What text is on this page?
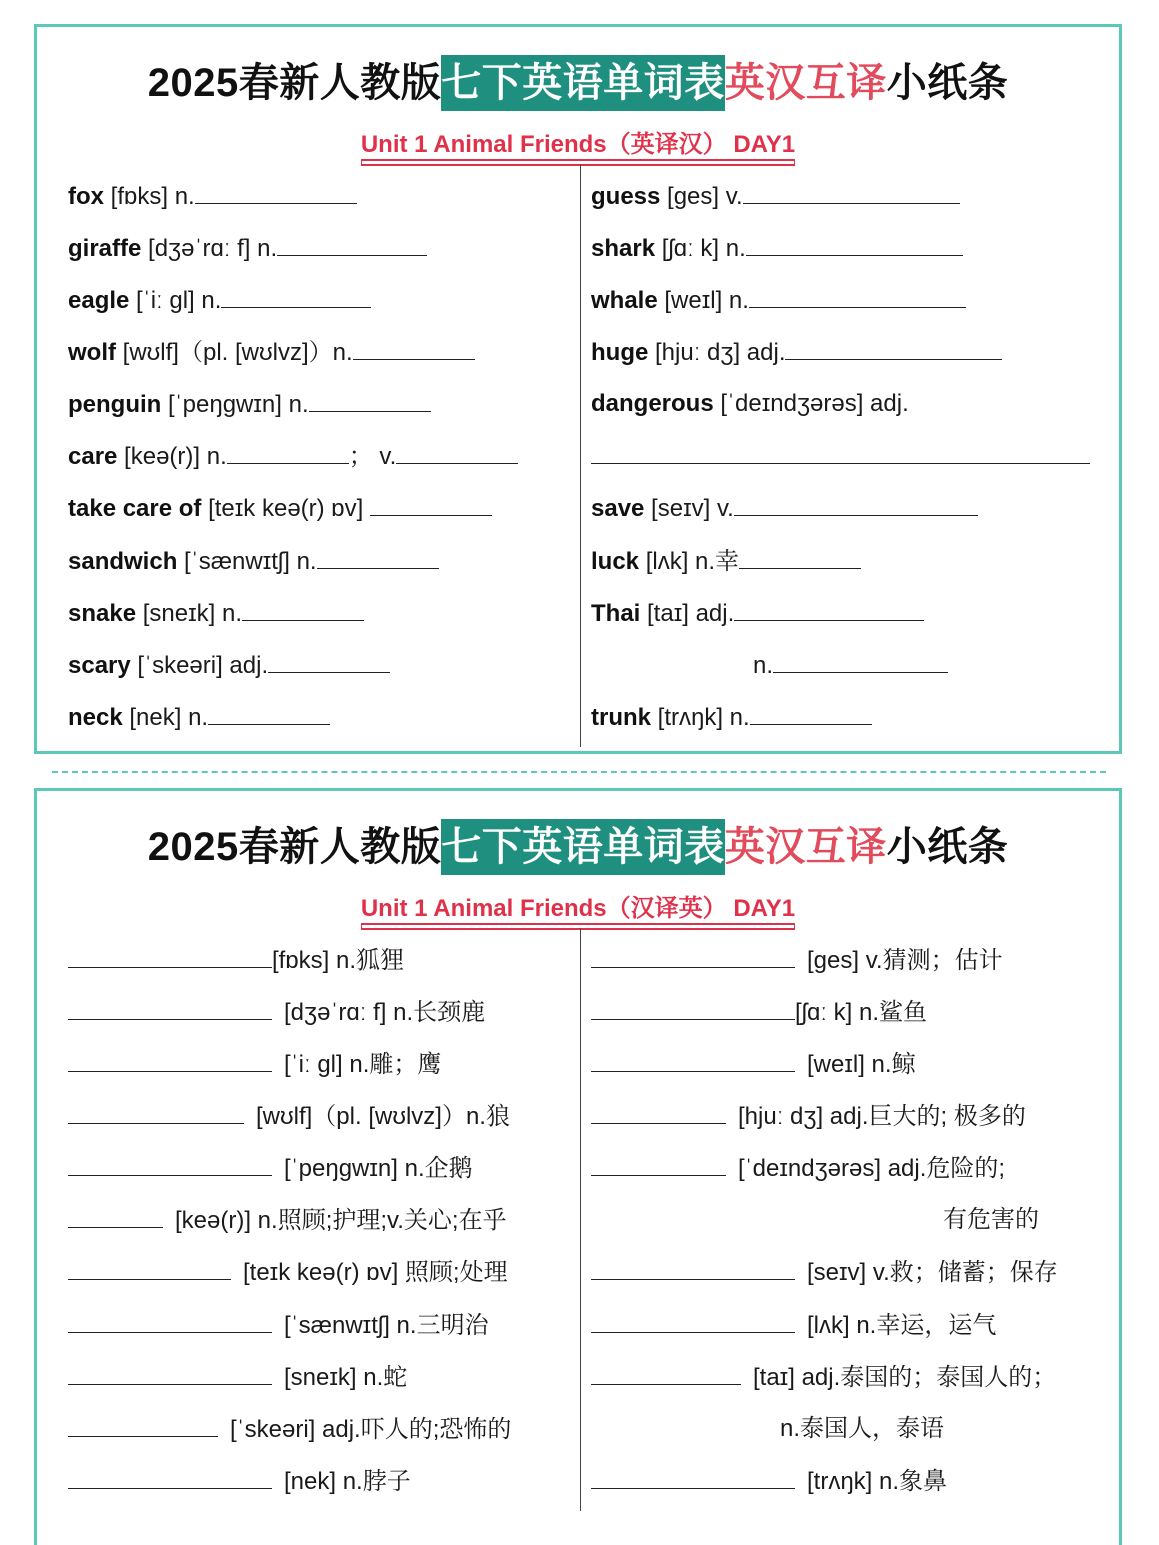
2025春新人教版七下英语单词表英汉互译小纸条
Unit 1 Animal Friends（英译汉） DAY1
fox [fɒks] n.
giraffe [dʒəˈrɑː f] n.
eagle [ˈiː gl] n.
wolf [wʊlf]（pl. [wʊlvz]）n.
penguin [ˈpeŋgwɪn] n.
care [keə(r)] n.	； v.
take care of [teɪk keə(r) ɒv]
sandwich [ˈsænwɪtʃ] n.
snake [sneɪk] n.
scary [ˈskeəri] adj.
neck [nek] n.
guess [ges] v.
shark [ʃɑː k] n.
whale [weɪl] n.
huge [hjuː dʒ] adj.
dangerous [ˈdeɪndʒərəs] adj.
save [seɪv] v.
luck [lʌk] n.幸
Thai [taɪ] adj.
n.
trunk [trʌŋk] n.
2025春新人教版七下英语单词表英汉互译小纸条
Unit 1 Animal Friends（汉译英） DAY1
[fɒks] n.狐狸
[dʒəˈrɑː f] n.长颈鹿
[ˈiː gl] n.雕；鹰
[wʊlf]（pl. [wʊlvz]）n.狼
[ˈpeŋgwɪn] n.企鹅
[keə(r)] n.照顾;护理;v.关心;在乎
[teɪk keə(r) ɒv] 照顾;处理
[ˈsænwɪtʃ] n.三明治
[sneɪk] n.蛇
[ˈskeəri] adj.吓人的;恐怖的
[nek] n.脖子
[ges] v.猜测；估计
[ʃɑː k] n.鲨鱼
[weɪl] n.鲸
[hjuː dʒ] adj.巨大的; 极多的
[ˈdeɪndʒərəs] adj.危险的;
有危害的
[seɪv] v.救；储蓄；保存
[lʌk] n.幸运，运气
[taɪ] adj.泰国的；泰国人的；
n.泰国人，泰语
[trʌŋk] n.象鼻
